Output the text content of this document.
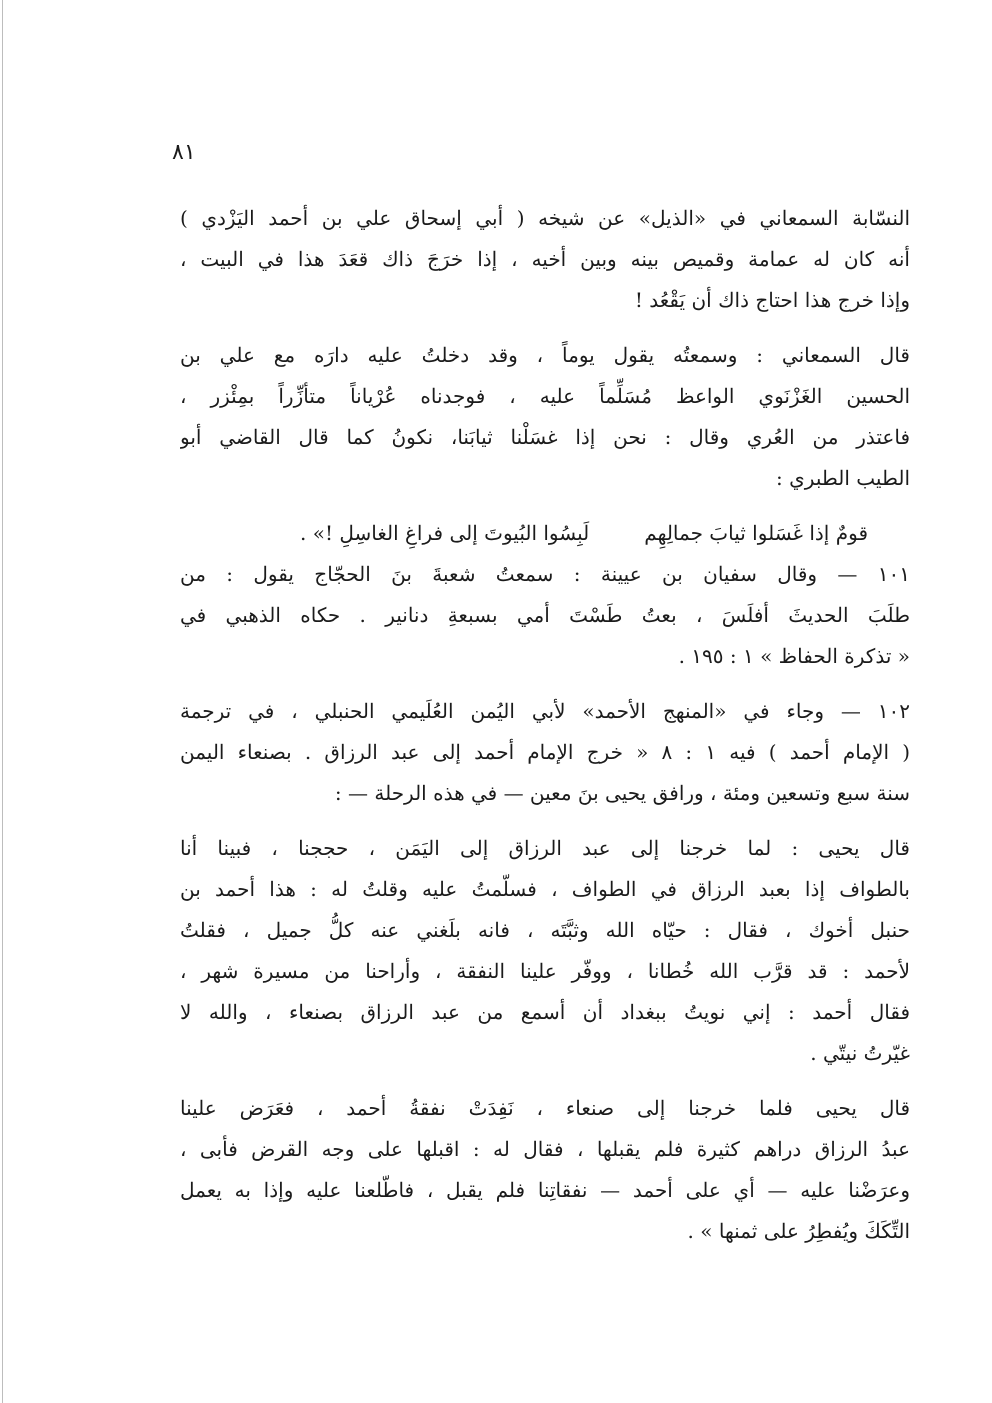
٨١
النسّابة السمعاني في «الذيل» عن شيخه ( أبي إسحاق علي بن أحمد اليَزْدي )
أنه كان له عمامة وقميص بينه وبين أخيه ، إذا خرَجَ ذاك قعَدَ هذا في البيت ،
وإذا خرج هذا احتاج ذاك أن يَقْعُد !
قال السمعاني : وسمعتُه يقول يوماً ، وقد دخلتُ عليه دارَه مع علي بن
الحسين الغَزْنَوي الواعظ مُسَلِّماً عليه ، فوجدناه عُرْياناً متأزِّراً بمِئْزر ،
فاعتذر من العُري وقال : نحن إذا غسَلْنا ثيابَنا، نكونُ كما قال القاضي أبو
الطيب الطبري :
قومٌ إذا غَسَلوا ثيابَ جمالِهِم
لَبِسُوا البُيوتَ إلى فراغِ الغاسِلِ !» .
١٠١ — وقال سفيان بن عيينة : سمعتُ شعبةَ بنَ الحجّاج يقول : من
طلَبَ الحديثَ أفلَسَ ، بعتُ طَسْتَ أمي بسبعةِ دنانير . حكاه الذهبي في
« تذكرة الحفاظ » ١ : ١٩٥ .
١٠٢ — وجاء في «المنهج الأحمد» لأبي اليُمن العُلَيمي الحنبلي ، في ترجمة
( الإمام أحمد ) فيه ١ : ٨ « خرج الإمام أحمد إلى عبد الرزاق . بصنعاء اليمن
سنة سبع وتسعين ومئة ، ورافق يحيى بنَ معين — في هذه الرحلة — :
قال يحيى : لما خرجنا إلى عبد الرزاق إلى اليَمَن ، حججنا ، فبينا أنا
بالطواف إذا بعبد الرزاق في الطواف ، فسلّمتُ عليه وقلتُ له : هذا أحمد بن
حنبل أخوك ، فقال : حيّاه الله وثبَّتَه ، فانه بلَغني عنه كلُّ جميل ، فقلتُ
لأحمد : قد قرَّب الله خُطانا ، ووفّر علينا النفقة ، وأراحنا من مسيرة شهر ،
فقال أحمد : إني نويتُ ببغداد أن أسمع من عبد الرزاق بصنعاء ، والله لا
غيّرتُ نيتّي .
قال يحيى فلما خرجنا إلى صنعاء ، نَفِدَتْ نفقةُ أحمد ، فعَرَض علينا
عبدُ الرزاق دراهم كثيرة فلم يقبلها ، فقال له : اقبلها على وجه القرض فأبى ،
وعرَضْنا عليه — أي على أحمد — نفقاتِنا فلم يقبل ، فاطّلعنا عليه وإذا به يعمل
التِّكَكَ ويُفطِرُ على ثمنها » .
